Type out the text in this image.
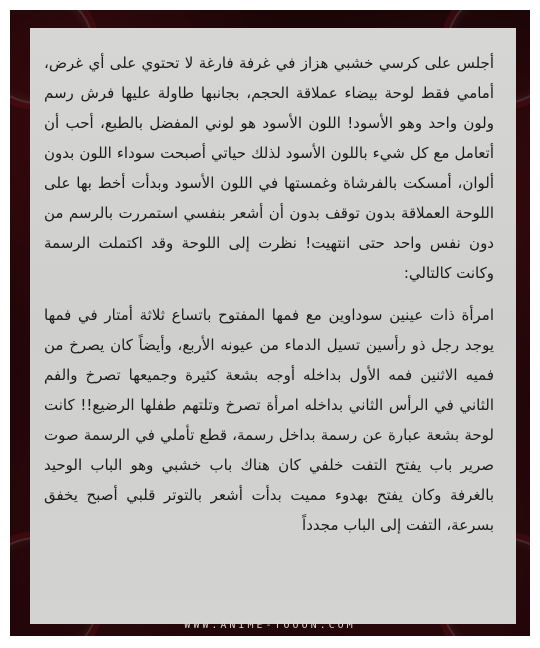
أجلس على كرسي خشبي هزاز في غرفة فارغة لا تحتوي على أي غرض، أمامي فقط لوحة بيضاء عملاقة الحجم، بجانبها طاولة عليها فرش رسم ولون واحد وهو الأسود! اللون الأسود هو لوني المفضل بالطبع، أحب أن أتعامل مع كل شيء باللون الأسود لذلك حياتي أصبحت سوداء اللون بدون ألوان، أمسكت بالفرشاة وغمستها في اللون الأسود وبدأت أخط بها على اللوحة العملاقة بدون توقف بدون أن أشعر بنفسي استمررت بالرسم من دون نفس واحد حتى انتهيت! نظرت إلى اللوحة وقد اكتملت الرسمة وكانت كالتالي:

امرأة ذات عينين سوداوين مع فمها المفتوح باتساع ثلاثة أمتار في فمها يوجد رجل ذو رأسين تسيل الدماء من عيونه الأربع، وأيضاً كان يصرخ من فميه الاثنين فمه الأول بداخله أوجه بشعة كثيرة وجميعها تصرخ والفم الثاني في الرأس الثاني بداخله امرأة تصرخ وتلتهم طفلها الرضيع!! كانت لوحة بشعة عبارة عن رسمة بداخل رسمة، قطع تأملي في الرسمة صوت صرير باب يفتح التفت خلفي كان هناك باب خشبي وهو الباب الوحيد بالغرفة وكان يفتح بهدوء مميت بدأت أشعر بالتوتر قلبي أصبح يخفق بسرعة، التفت إلى الباب مجدداً

WWW.ANIME-TOOON.COM
